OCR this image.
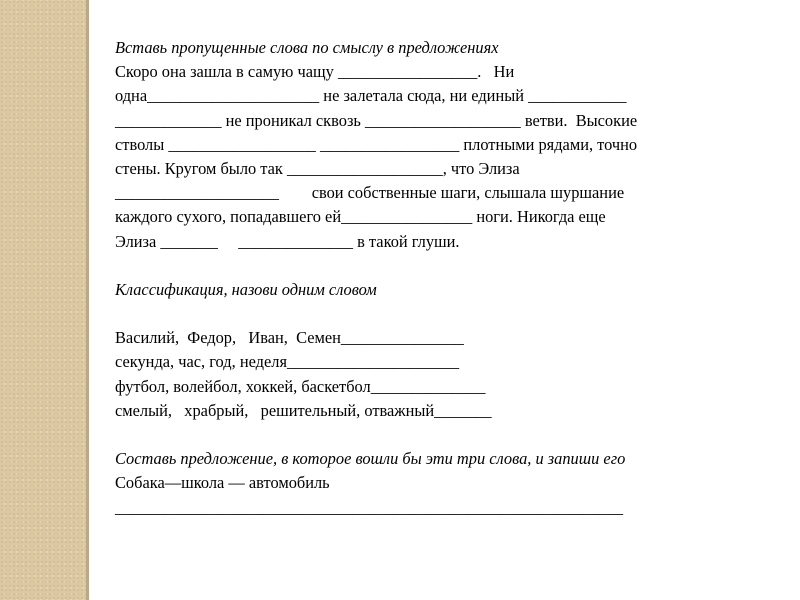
Вставь пропущенные слова по смыслу в предложениях
Скоро она зашла в самую чащу _________________.   Ни
одна_____________________ не залетала сюда, ни единый ____________
_____________ не проникал сквозь ___________________ ветви.  Высокие
стволы __________________ _________________ плотными рядами, точно
стены. Кругом было так ___________________, что Элиза
____________________        свои собственные шаги, слышала шуршание
каждого сухого, попадавшего ей________________ ноги. Никогда еще
Элиза _______     ______________ в такой глуши.
Классификация, назови одним словом
Василий,  Федор,   Иван,  Семен_______________
секунда, час, год, неделя_____________________
футбол, волейбол, хоккей, баскетбол______________
смелый,   храбрый,   решительный, отважный_______
Составь предложение, в которое вошли бы эти три слова, и запиши его
Собака—школа — автомобиль
______________________________________________________________
